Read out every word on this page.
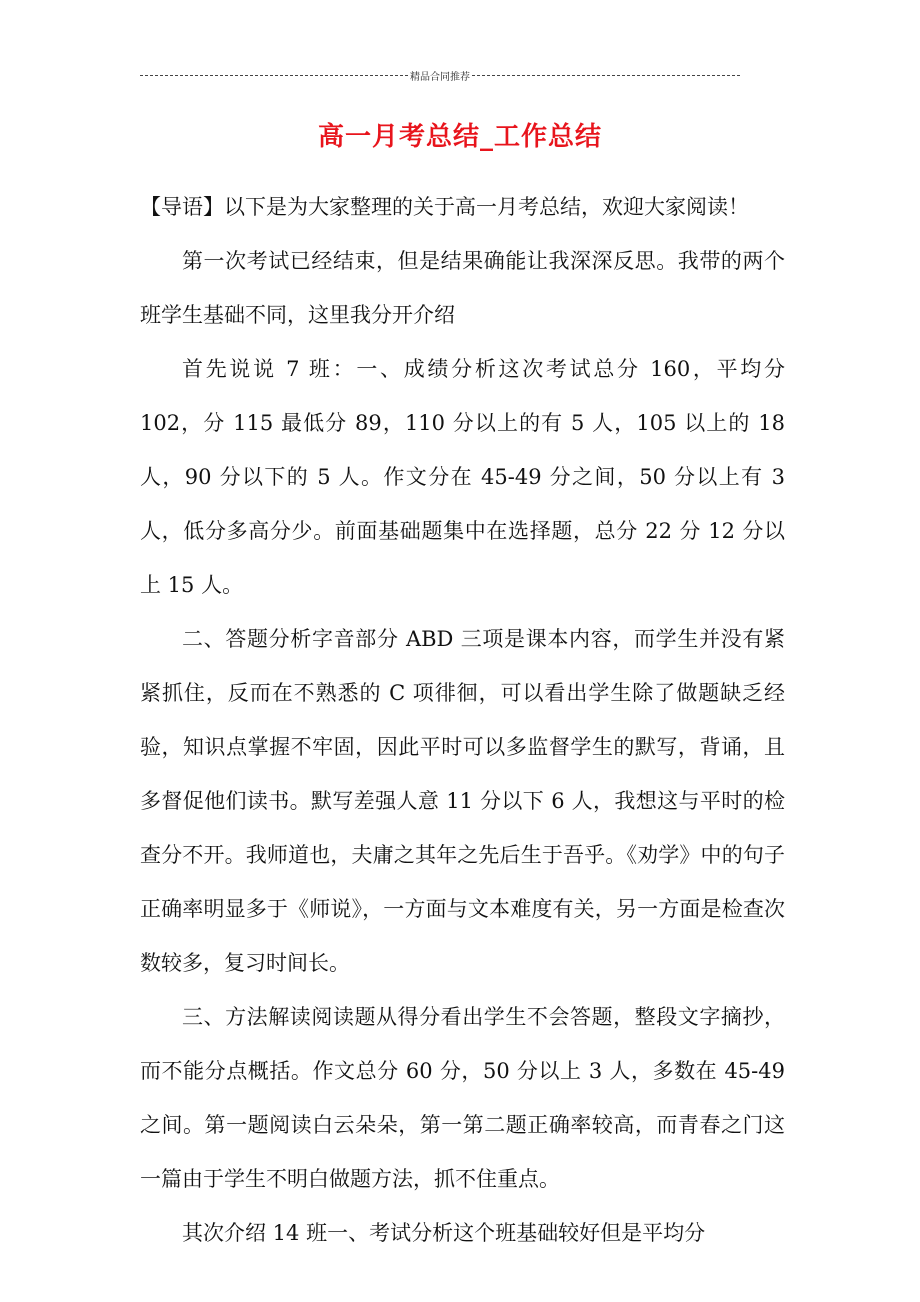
精品合同推荐
高一月考总结_工作总结

【导语】以下是为大家整理的关于高一月考总结，欢迎大家阅读！

第一次考试已经结束，但是结果确能让我深深反思。我带的两个班学生基础不同，这里我分开介绍

首先说说 7 班：一、成绩分析这次考试总分 160，平均分 102，分 115 最低分 89，110 分以上的有 5 人，105 以上的 18 人，90 分以下的 5 人。作文分在 45-49 分之间，50 分以上有 3 人，低分多高分少。前面基础题集中在选择题，总分 22 分 12 分以上 15 人。

二、答题分析字音部分 ABD 三项是课本内容，而学生并没有紧紧抓住，反而在不熟悉的 C 项徘徊，可以看出学生除了做题缺乏经验，知识点掌握不牢固，因此平时可以多监督学生的默写，背诵，且多督促他们读书。默写差强人意 11 分以下 6 人，我想这与平时的检查分不开。我师道也，夫庸之其年之先后生于吾乎。《劝学》中的句子正确率明显多于《师说》，一方面与文本难度有关，另一方面是检查次数较多，复习时间长。

三、方法解读阅读题从得分看出学生不会答题，整段文字摘抄，而不能分点概括。作文总分 60 分，50 分以上 3 人，多数在 45-49 之间。第一题阅读白云朵朵，第一第二题正确率较高，而青春之门这一篇由于学生不明白做题方法，抓不住重点。

其次介绍 14 班一、考试分析这个班基础较好但是平均分
